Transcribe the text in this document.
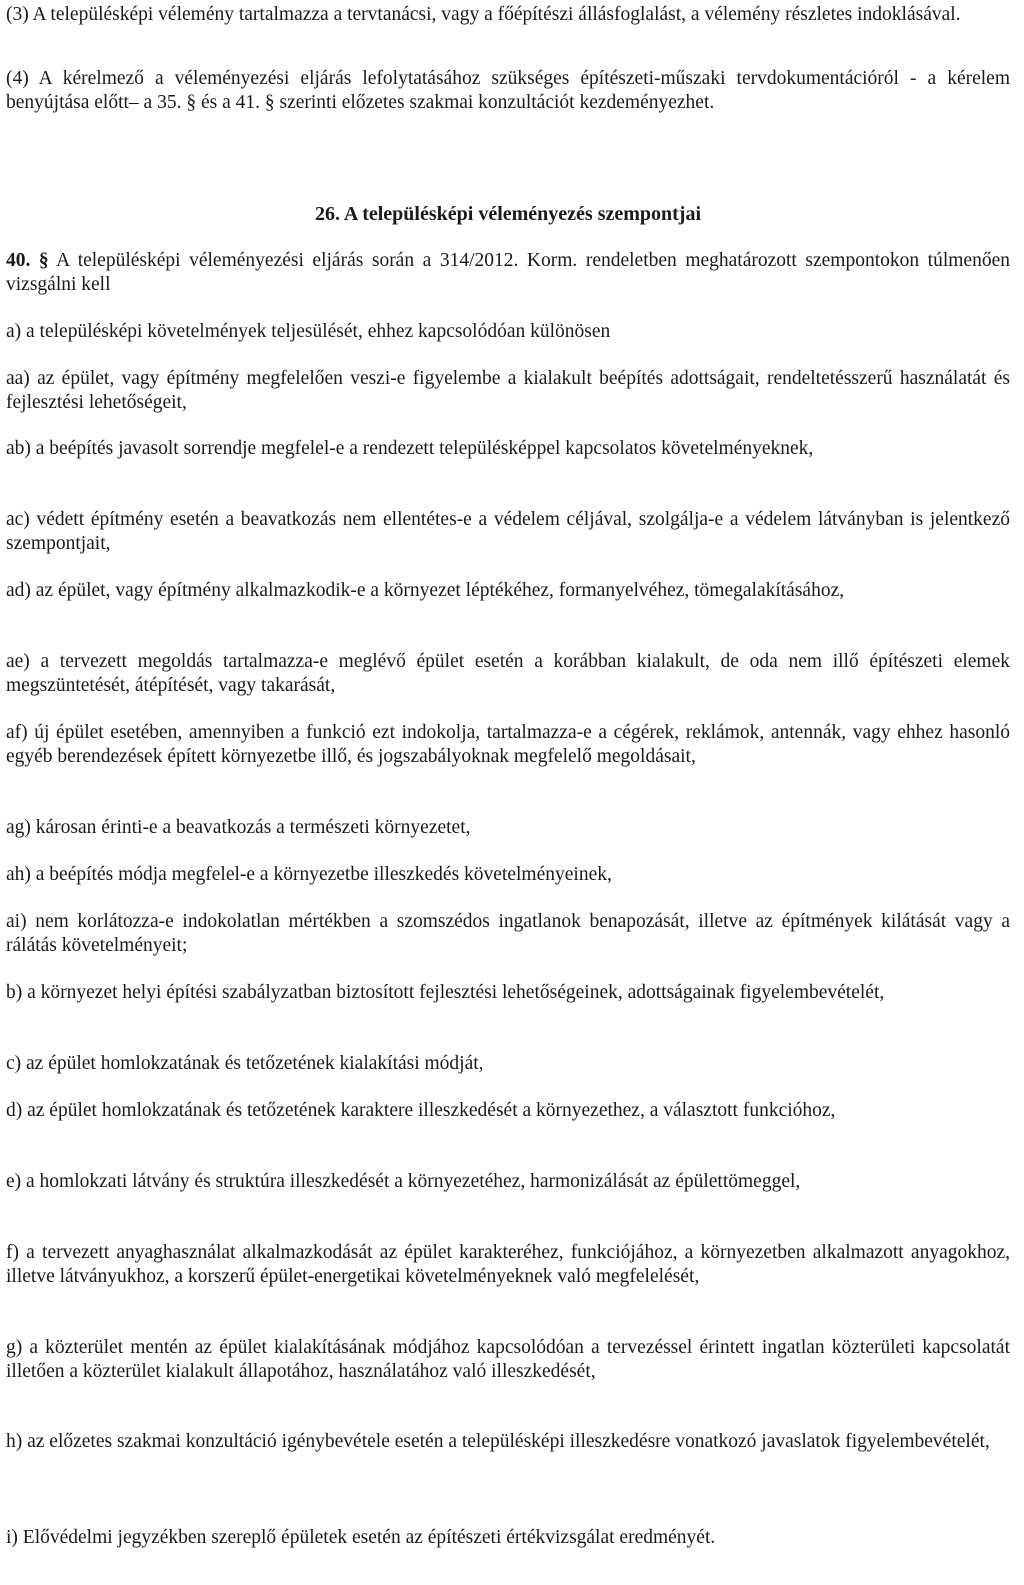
(3) A településképi vélemény tartalmazza a tervtanácsi, vagy a főépítészi állásfoglalást, a vélemény részletes indoklásával.

(4) A kérelmező a véleményezési eljárás lefolytatásához szükséges építészeti-műszaki tervdokumentációról - a kérelem benyújtása előtt– a 35. § és a 41. § szerinti előzetes szakmai konzultációt kezdeményezhet.

26. A településképi véleményezés szempontjai

40. § A településképi véleményezési eljárás során a 314/2012. Korm. rendeletben meghatározott szempontokon túlmenően vizsgálni kell

a) a településképi követelmények teljesülését, ehhez kapcsolódóan különösen

aa) az épület, vagy építmény megfelelően veszi-e figyelembe a kialakult beépítés adottságait, rendeltetésszerű használatát és fejlesztési lehetőségeit,

ab) a beépítés javasolt sorrendje megfelel-e a rendezett településképpel kapcsolatos követelményeknek,

ac) védett építmény esetén a beavatkozás nem ellentétes-e a védelem céljával, szolgálja-e a védelem látványban is jelentkező szempontjait,

ad) az épület, vagy építmény alkalmazkodik-e a környezet léptékéhez, formanyelvéhez, tömegalakításához,

ae) a tervezett megoldás tartalmazza-e meglévő épület esetén a korábban kialakult, de oda nem illő építészeti elemek megszüntetését, átépítését, vagy takarását,

af) új épület esetében, amennyiben a funkció ezt indokolja, tartalmazza-e a cégérek, reklámok, antennák, vagy ehhez hasonló egyéb berendezések épített környezetbe illő, és jogszabályoknak megfelelő megoldásait,

ag) károsan érinti-e a beavatkozás a természeti környezetet,

ah) a beépítés módja megfelel-e a környezetbe illeszkedés követelményeinek,

ai) nem korlátozza-e indokolatlan mértékben a szomszédos ingatlanok benapozását, illetve az építmények kilátását vagy a rálátás követelményeit;

b) a környezet helyi építési szabályzatban biztosított fejlesztési lehetőségeinek, adottságainak figyelembevételét,

c) az épület homlokzatának és tetőzetének kialakítási módját,

d) az épület homlokzatának és tetőzetének karaktere illeszkedését a környezethez, a választott funkcióhoz,

e) a homlokzati látvány és struktúra illeszkedését a környezetéhez, harmonizálását az épülettömeggel,

f) a tervezett anyaghasználat alkalmazkodását az épület karakteréhez, funkciójához, a környezetben alkalmazott anyagokhoz, illetve látványukhoz, a korszerű épület-energetikai követelményeknek való megfelelését,

g) a közterület mentén az épület kialakításának módjához kapcsolódóan a tervezéssel érintett ingatlan közterületi kapcsolatát illetően a közterület kialakult állapotához, használatához való illeszkedését,

h) az előzetes szakmai konzultáció igénybevétele esetén a településképi illeszkedésre vonatkozó javaslatok figyelembevételét,

i) Elővédelmi jegyzékben szereplő épületek esetén az építészeti értékvizsgálat eredményét.
